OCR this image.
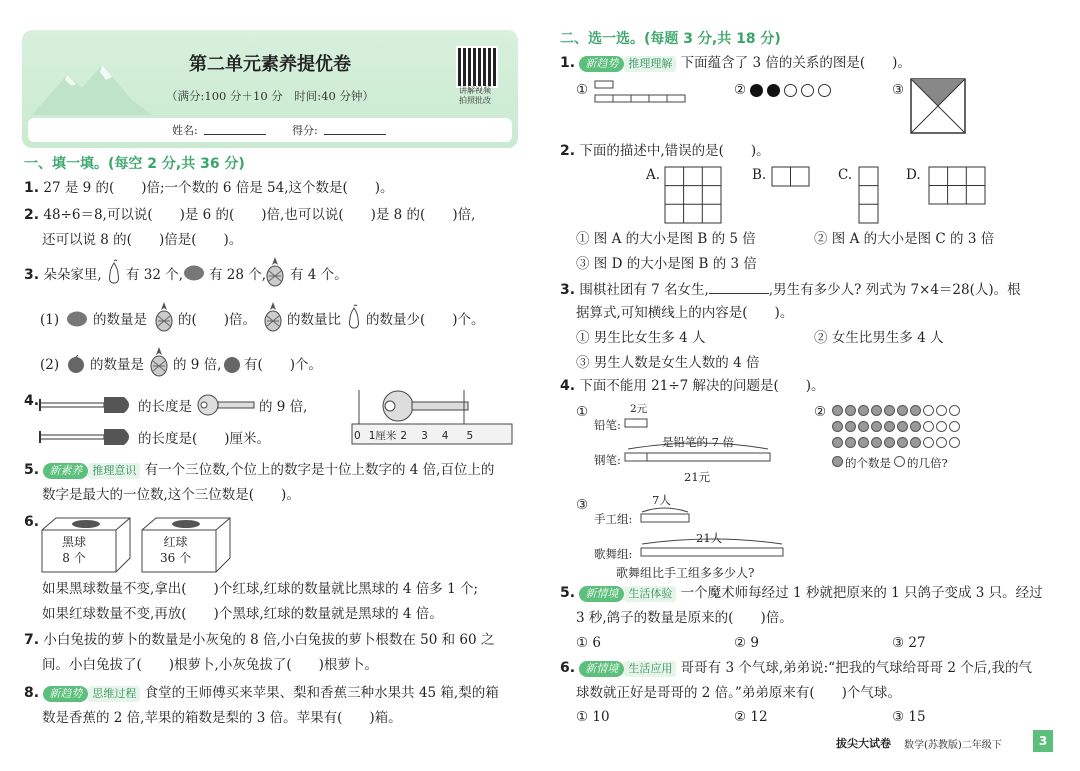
第二单元素养提优卷
（满分:100 分＋10 分　时间:40 分钟）	讲解视频
拍照批改
姓名:	得分:
一、填一填。(每空 2 分,共 36 分)
1. 27 是 9 的(　　)倍;一个数的 6 倍是 54,这个数是(　　)。
2. 48÷6＝8,可以说(　　)是 6 的(　　)倍,也可以说(　　)是 8 的(　　)倍,
还可以说 8 的(　　)倍是(　　)。
3. 朵朵家里, 有 32 个, 有 28 个, 有 4 个。
(1)	的数量是 的(　　)倍。 的数量比 的数量少(　　)个。
(2) 的数量是 的 9 倍, 有(　　)个。
4.	的长度是	的 9 倍,
的长度是(　　)厘米。	0 1厘米 2 3 4 5
5. 新素养 推理意识 有一个三位数,个位上的数字是十位上数字的 4 倍,百位上的
数字是最大的一位数,这个三位数是(　　)。
6.
黑球
8 个
红球
36 个
如果黑球数量不变,拿出(　　)个红球,红球的数量就比黑球的 4 倍多 1 个;
如果红球数量不变,再放(　　)个黑球,红球的数量就是黑球的 4 倍。
7. 小白兔拔的萝卜的数量是小灰兔的 8 倍,小白兔拔的萝卜根数在 50 和 60 之
间。小白兔拔了(　　)根萝卜,小灰兔拔了(　　)根萝卜。
8. 新趋势 思维过程 食堂的王师傅买来苹果、梨和香蕉三种水果共 45 箱,梨的箱
数是香蕉的 2 倍,苹果的箱数是梨的 3 倍。苹果有(　　)箱。
二、选一选。(每题 3 分,共 18 分)
1. 新趋势 推理理解 下面蕴含了 3 倍的关系的图是(　　)。
①	②	③
2. 下面的描述中,错误的是(　　)。
A.	B.	C.	D.
① 图 A 的大小是图 B 的 5 倍	② 图 A 的大小是图 C 的 3 倍
③ 图 D 的大小是图 B 的 3 倍
3. 围棋社团有 7 名女生,	,男生有多少人? 列式为 7×4＝28(人)。根
据算式,可知横线上的内容是(　　)。
① 男生比女生多 4 人	② 女生比男生多 4 人
③ 男生人数是女生人数的 4 倍
4. 下面不能用 21÷7 解决的问题是(　　)。
①	2元
铅笔:
是铅笔的 7 倍
钢笔:
21元
②
的个数是 的几倍?
③	7人
手工组:
21人
歌舞组:
歌舞组比手工组多多少人?
5. 新情境 生活体验 一个魔术师每经过 1 秒就把原来的 1 只鸽子变成 3 只。经过
3 秒,鸽子的数量是原来的(　　)倍。
① 6	② 9	③ 27
6. 新情境 生活应用 哥哥有 3 个气球,弟弟说:“把我的气球给哥哥 2 个后,我的气
球数就正好是哥哥的 2 倍。”弟弟原来有(　　)个气球。
① 10	② 12	③ 15
拔尖大试卷 数学(苏教版)二年级下	3
